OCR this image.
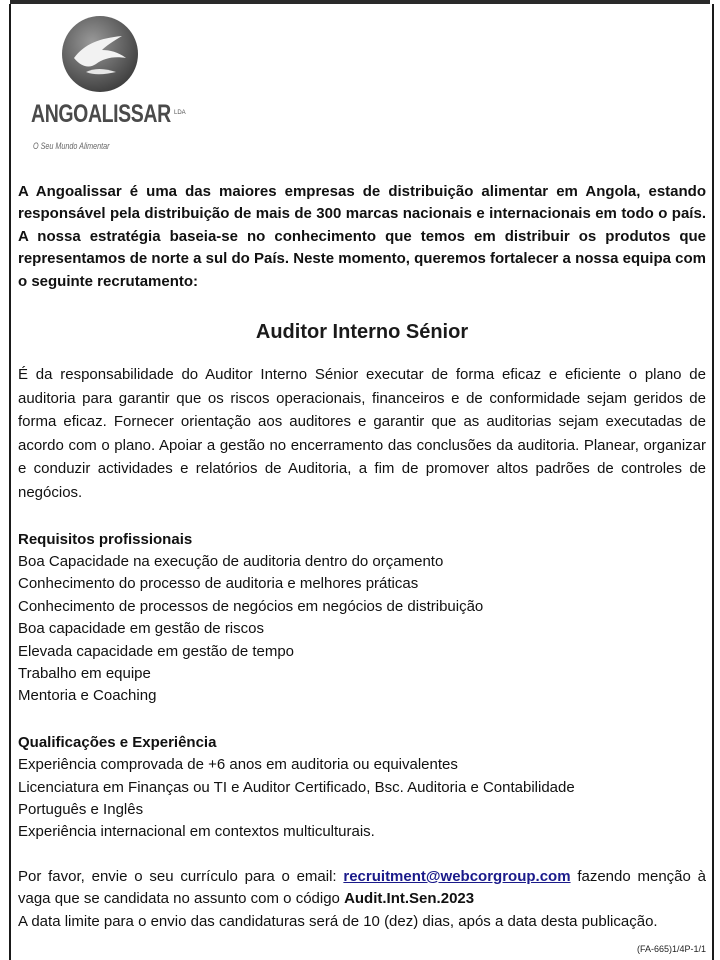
ANGOALISSAR LDA
O Seu Mundo Alimentar

A Angoalissar é uma das maiores empresas de distribuição alimentar em Angola, estando responsável pela distribuição de mais de 300 marcas nacionais e internacionais em todo o país. A nossa estratégia baseia-se no conhecimento que temos em distribuir os produtos que representamos de norte a sul do País. Neste momento, queremos fortalecer a nossa equipa com o seguinte recrutamento:

Auditor Interno Sénior
É da responsabilidade do Auditor Interno Sénior executar de forma eficaz e eficiente o plano de auditoria para garantir que os riscos operacionais, financeiros e de conformidade sejam geridos de forma eficaz. Fornecer orientação aos auditores e garantir que as auditorias sejam executadas de acordo com o plano. Apoiar a gestão no encerramento das conclusões da auditoria. Planear, organizar e conduzir actividades e relatórios de Auditoria, a fim de promover altos padrões de controles de negócios.
Requisitos profissionais
Boa Capacidade na execução de auditoria dentro do orçamento
Conhecimento do processo de auditoria e melhores práticas
Conhecimento de processos de negócios em negócios de distribuição
Boa capacidade em gestão de riscos
Elevada capacidade em gestão de tempo
Trabalho em equipe
Mentoria e Coaching
Qualificações e Experiência
Experiência comprovada de +6 anos em auditoria ou equivalentes
Licenciatura em Finanças ou TI e Auditor Certificado, Bsc. Auditoria e Contabilidade
Português e Inglês
Experiência internacional em contextos multiculturais.
Por favor, envie o seu currículo para o email: recruitment@webcorgroup.com fazendo menção à vaga que se candidata no assunto com o código Audit.Int.Sen.2023
A data limite para o envio das candidaturas será de 10 (dez) dias, após a data desta publicação.
(FA-665)1/4P-1/1
